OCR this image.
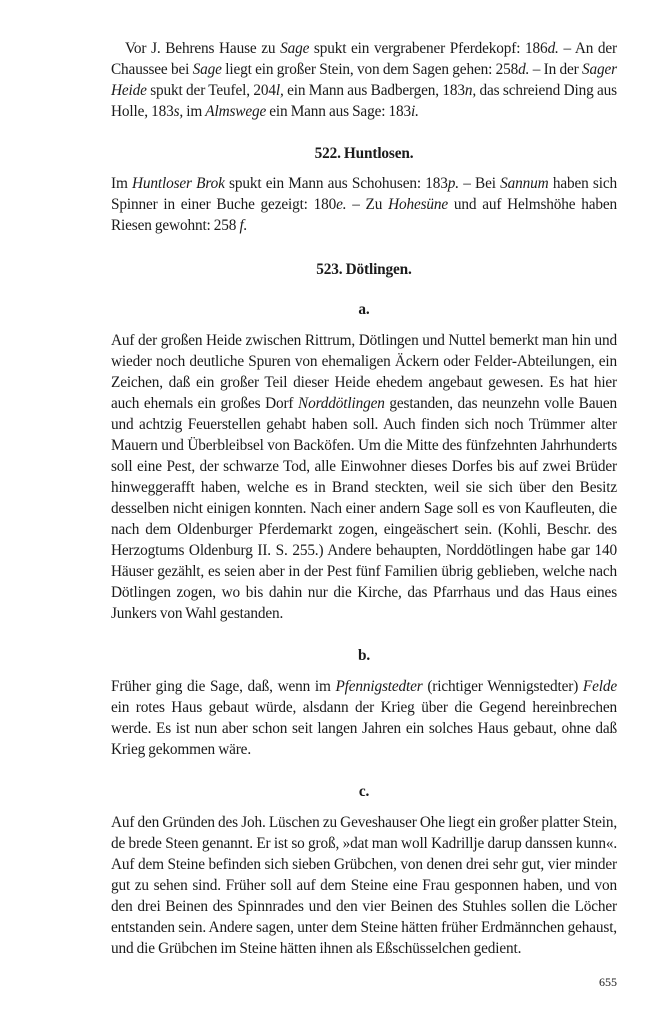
Vor J. Behrens Hause zu Sage spukt ein vergrabener Pferdekopf: 186d. – An der Chaussee bei Sage liegt ein großer Stein, von dem Sagen gehen: 258d. – In der Sager Heide spukt der Teufel, 204l, ein Mann aus Badbergen, 183n, das schreiend Ding aus Holle, 183s, im Almswege ein Mann aus Sage: 183i.

522. Huntlosen.

Im Huntloser Brok spukt ein Mann aus Schohusen: 183p. – Bei Sannum haben sich Spinner in einer Buche gezeigt: 180e. – Zu Hohesüne und auf Helmshöhe haben Riesen gewohnt: 258 f.

523. Dötlingen.
a.

Auf der großen Heide zwischen Rittrum, Dötlingen und Nuttel bemerkt man hin und wieder noch deutliche Spuren von ehemaligen Äckern oder Felder-Abteilungen, ein Zeichen, daß ein großer Teil dieser Heide ehedem angebaut gewesen. Es hat hier auch ehemals ein großes Dorf Norddötlingen gestanden, das neunzehn volle Bauen und achtzig Feuerstellen gehabt haben soll. Auch finden sich noch Trümmer alter Mauern und Überbleibsel von Backöfen. Um die Mitte des fünfzehnten Jahrhunderts soll eine Pest, der schwarze Tod, alle Einwohner dieses Dorfes bis auf zwei Brüder hinweggerafft haben, welche es in Brand steckten, weil sie sich über den Besitz desselben nicht einigen konnten. Nach einer andern Sage soll es von Kaufleuten, die nach dem Oldenburger Pferdemarkt zogen, eingeäschert sein. (Kohli, Beschr. des Herzogtums Oldenburg II. S. 255.) Andere behaupten, Norddötlingen habe gar 140 Häuser gezählt, es seien aber in der Pest fünf Familien übrig geblieben, welche nach Dötlingen zogen, wo bis dahin nur die Kirche, das Pfarrhaus und das Haus eines Junkers von Wahl gestanden.

b.

Früher ging die Sage, daß, wenn im Pfennigstedter (richtiger Wennigstedter) Felde ein rotes Haus gebaut würde, alsdann der Krieg über die Gegend hereinbrechen werde. Es ist nun aber schon seit langen Jahren ein solches Haus gebaut, ohne daß Krieg gekommen wäre.

c.

Auf den Gründen des Joh. Lüschen zu Geveshauser Ohe liegt ein großer platter Stein, de brede Steen genannt. Er ist so groß, »dat man woll Kadrillje darup danssen kunn«. Auf dem Steine befinden sich sieben Grübchen, von denen drei sehr gut, vier minder gut zu sehen sind. Früher soll auf dem Steine eine Frau gesponnen haben, und von den drei Beinen des Spinnrades und den vier Beinen des Stuhles sollen die Löcher entstanden sein. Andere sagen, unter dem Steine hätten früher Erdmännchen gehaust, und die Grübchen im Steine hätten ihnen als Eßschüsselchen gedient.

655
